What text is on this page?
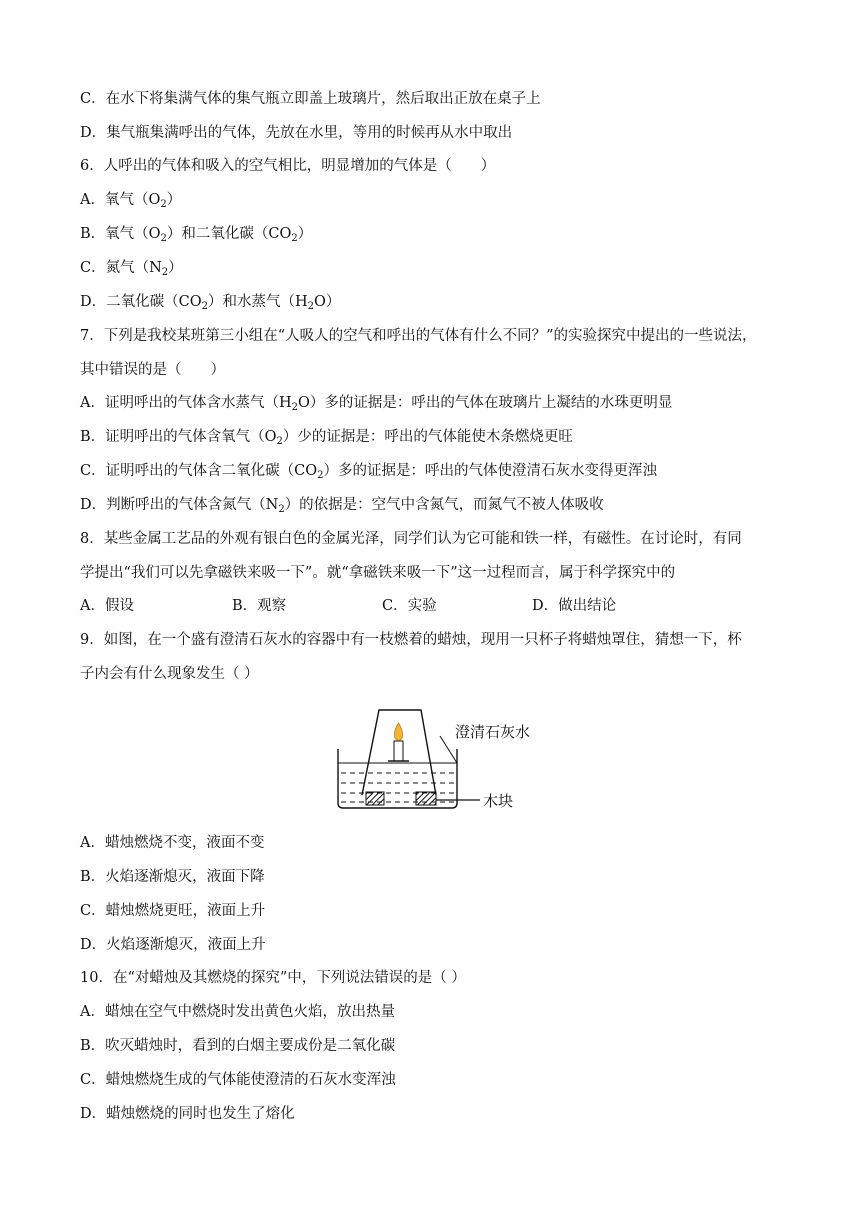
C．在水下将集满气体的集气瓶立即盖上玻璃片，然后取出正放在桌子上
D．集气瓶集满呼出的气体，先放在水里，等用的时候再从水中取出
6．人呼出的气体和吸入的空气相比，明显增加的气体是（　　）
A．氧气$(O_2)$
B．氧气$(O_2)$和二氧化碳$(CO_2)$
C．氮气$(N_2)$
D．二氧化碳$(CO_2)$和水蒸气$(H_2O)$
7．下列是我校某班第三小组在“人吸人的空气和呼出的气体有什么不同？”的实验探究中提出的一些说法，
其中错误的是（　　）
A．证明呼出的气体含水蒸气$(H_2O)$多的证据是：呼出的气体在玻璃片上凝结的水珠更明显
B．证明呼出的气体含氧气$(O_2)$少的证据是：呼出的气体能使木条燃烧更旺
C．证明呼出的气体含二氧化碳$(CO_2)$多的证据是：呼出的气体使澄清石灰水变得更浑浊
D．判断呼出的气体含氮气$(N_2)$的依据是：空气中含氮气，而氮气不被人体吸收
8．某些金属工艺品的外观有银白色的金属光泽，同学们认为它可能和铁一样，有磁性。在讨论时，有同
学提出“我们可以先拿磁铁来吸一下”。就“拿磁铁来吸一下”这一过程而言，属于科学探究中的
A．假设	B．观察	C．实验	D．做出结论
9．如图，在一个盛有澄清石灰水的容器中有一枝燃着的蜡烛，现用一只杯子将蜡烛罩住，猜想一下，杯
子内会有什么现象发生（ ）
澄清石灰水
木块
A．蜡烛燃烧不变，液面不变
B．火焰逐渐熄灭，液面下降
C．蜡烛燃烧更旺，液面上升
D．火焰逐渐熄灭，液面上升
10．在“对蜡烛及其燃烧的探究”中，下列说法错误的是（ ）
A．蜡烛在空气中燃烧时发出黄色火焰，放出热量
B．吹灭蜡烛时，看到的白烟主要成份是二氧化碳
C．蜡烛燃烧生成的气体能使澄清的石灰水变浑浊
D．蜡烛燃烧的同时也发生了熔化
